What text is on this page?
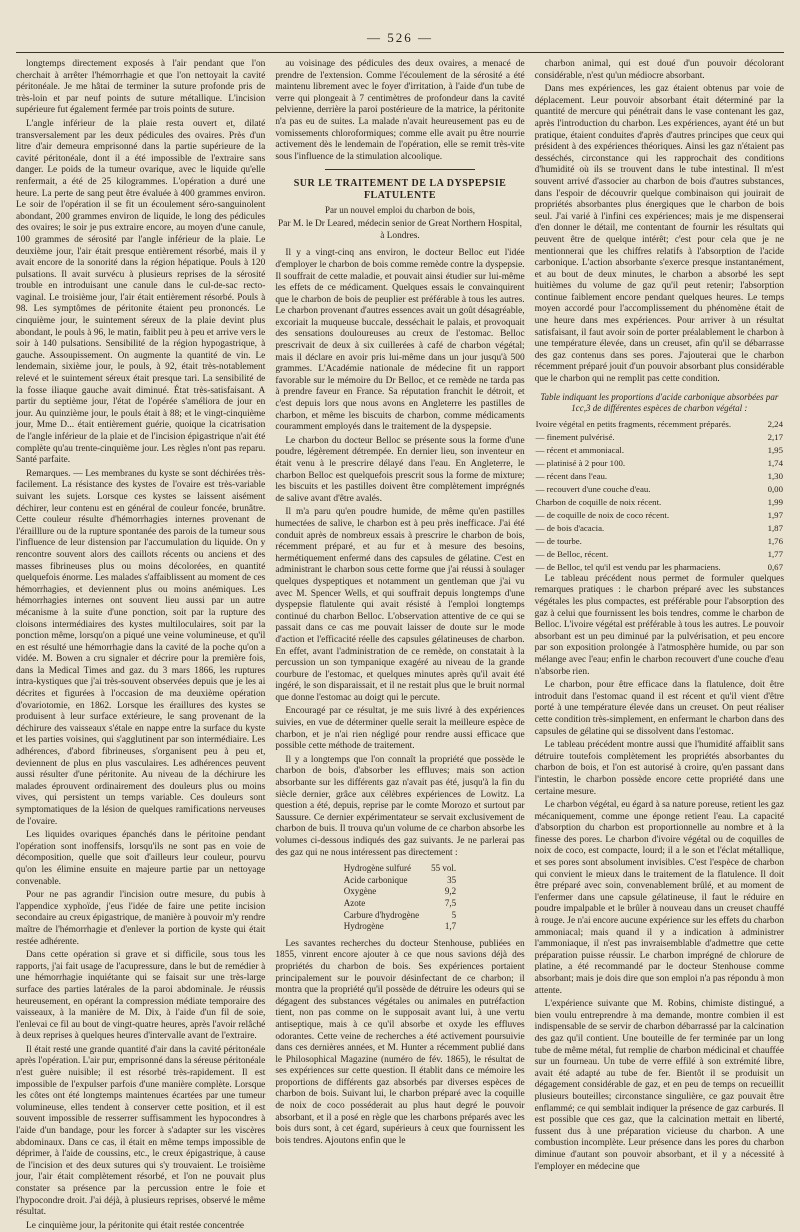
— 526 —

longtemps directement exposés à l'air pendant que l'on cherchait à arrêter l'hémorrhagie et que l'on nettoyait la cavité péritonéale. Je me hâtai de terminer la suture profonde pris de très-loin et par neuf points de suture métallique. L'incision supérieure fut également fermée par trois points de suture.

L'angle inférieur de la plaie resta ouvert et, dilaté transversalement par les deux pédicules des ovaires. Près d'un litre d'air demeura emprisonné dans la partie supérieure de la cavité péritonéale, dont il a été impossible de l'extraire sans danger. Le poids de la tumeur ovarique, avec le liquide qu'elle renfermait, a été de 25 kilogrammes. L'opération a duré une heure. La perte de sang peut être évaluée à 400 grammes environ. Le soir de l'opération il se fit un écoulement séro-sanguinolent abondant, 200 grammes environ de liquide, le long des pédicules des ovaires; le soir je pus extraire encore, au moyen d'une canule, 100 grammes de sérosité par l'angle inférieur de la plaie. Le deuxième jour, l'air était presque entièrement résorbé, mais il y avait encore de la sonorité dans la région hépatique. Pouls à 120 pulsations. Il avait survécu à plusieurs reprises de la sérosité trouble en introduisant une canule dans le cul-de-sac recto-vaginal. Le troisième jour, l'air était entièrement résorbé. Pouls à 98. Les symptômes de péritonite étaient peu prononcés. Le cinquième jour, le suintement séreux de la plaie devint plus abondant, le pouls à 96, le matin, faiblit peu à peu et arrive vers le soir à 140 pulsations. Sensibilité de la région hypogastrique, à gauche. Assoupissement. On augmente la quantité de vin. Le lendemain, sixième jour, le pouls, à 92, était très-notablement relevé et le suintement séreux était presque tari. La sensibilité de la fosse iliaque gauche avait diminué. État très-satisfaisant. A partir du septième jour, l'état de l'opérée s'améliora de jour en jour. Au quinzième jour, le pouls était à 88; et le vingt-cinquième jour, Mme D... était entièrement guérie, quoique la cicatrisation de l'angle inférieur de la plaie et de l'incision épigastrique n'ait été complète qu'au trente-cinquième jour. Les règles n'ont pas reparu. Santé parfaite.

Remarques. — Les membranes du kyste se sont déchirées très-facilement. La résistance des kystes de l'ovaire est très-variable suivant les sujets. Lorsque ces kystes se laissent aisément déchirer, leur contenu est en général de couleur foncée, brunâtre. Cette couleur résulte d'hémorrhagies internes provenant de l'érailllure ou de la rupture spontanée des parois de la tumeur sous l'influence de leur distension par l'accumulation du liquide. On y rencontre souvent alors des caillots récents ou anciens et des masses fibrineuses plus ou moins décolorées, en quantité quelquefois énorme. Les malades s'affaiblissent au moment de ces hémorrhagies, et deviennent plus ou moins anémiques. Les hémorrhagies internes ont souvent lieu aussi par un autre mécanisme à la suite d'une ponction, soit par la rupture des cloisons intermédiaires des kystes multiloculaires, soit par la ponction même, lorsqu'on a piqué une veine volumineuse, et qu'il en est résulté une hémorrhagie dans la cavité de la poche qu'on a vidée. M. Bowen a cru signaler et décrire pour la première fois, dans la Medical Times and gaz. du 3 mars 1866, les ruptures intra-kystiques que j'ai très-souvent observées depuis que je les ai décrites et figurées à l'occasion de ma deuxième opération d'ovariotomie, en 1862. Lorsque les éraillures des kystes se produisent à leur surface extérieure, le sang provenant de la déchirure des vaisseaux s'étale en nappe entre la surface du kyste et les parties voisines, qui s'agglutinent par son intermédiaire. Les adhérences, d'abord fibrineuses, s'organisent peu à peu et, deviennent de plus en plus vasculaires. Les adhérences peuvent aussi résulter d'une péritonite. Au niveau de la déchirure les malades éprouvent ordinairement des douleurs plus ou moins vives, qui persistent un temps variable. Ces douleurs sont symptomatiques de la lésion de quelques ramifications nerveuses de l'ovaire.

Les liquides ovariques épanchés dans le péritoine pendant l'opération sont inoffensifs, lorsqu'ils ne sont pas en voie de décomposition, quelle que soit d'ailleurs leur couleur, pourvu qu'on les élimine ensuite en majeure partie par un nettoyage convenable.

Pour ne pas agrandir l'incision outre mesure, du pubis à l'appendice xyphoïde, j'eus l'idée de faire une petite incision secondaire au creux épigastrique, de manière à pouvoir m'y rendre maître de l'hémorrhagie et d'enlever la portion de kyste qui était restée adhérente.

Dans cette opération si grave et si difficile, sous tous les rapports, j'ai fait usage de l'acupressure, dans le but de remédier à une hémorrhagie inquiétante qui se faisait sur une très-large surface des parties latérales de la paroi abdominale. Je réussis heureusement, en opérant la compression médiate temporaire des vaisseaux, à la manière de M. Dix, à l'aide d'un fil de soie, l'enlevai ce fil au bout de vingt-quatre heures, après l'avoir relâché à deux reprises à quelques heures d'intervalle avant de l'extraire.

Il était resté une grande quantité d'air dans la cavité péritonéale après l'opération. L'air pur, emprisonné dans la séreuse péritonéale n'est guère nuisible; il est résorbé très-rapidement. Il est impossible de l'expulser parfois d'une manière complète. Lorsque les côtes ont été longtemps maintenues écartées par une tumeur volumineuse, elles tendent à conserver cette position, et il est souvent impossible de resserrer suffisamment les hypocondres à l'aide d'un bandage, pour les forcer à s'adapter sur les viscères abdominaux. Dans ce cas, il était en même temps impossible de déprimer, à l'aide de coussins, etc., le creux épigastrique, à cause de l'incision et des deux sutures qui s'y trouvaient. Le troisième jour, l'air était complètement résorbé, et l'on ne pouvait plus constater sa présence par la percussion entre le foie et l'hypocondre droit. J'ai déjà, à plusieurs reprises, observé le même résultat.

Le cinquième jour, la péritonite qui était restée concentrée

au voisinage des pédicules des deux ovaires, a menacé de prendre de l'extension. Comme l'écoulement de la sérosité a été maintenu librement avec le foyer d'irritation, à l'aide d'un tube de verre qui plongeait à 7 centimètres de profondeur dans la cavité pelvienne, derrière la paroi postérieure de la matrice, la péritonite n'a pas eu de suites. La malade n'avait heureusement pas eu de vomissements chloroformiques; comme elle avait pu être nourrie activement dès le lendemain de l'opération, elle se remit très-vite sous l'influence de la stimulation alcoolique.

SUR LE TRAITEMENT DE LA DYSPEPSIE FLATULENTE

Par un nouvel emploi du charbon de bois,

Par M. le Dr Leared, médecin senior de Great Northern Hospital, à Londres.

Il y a vingt-cinq ans environ, le docteur Belloc eut l'idée d'employer le charbon de bois comme remède contre la dyspepsie. Il souffrait de cette maladie, et pouvait ainsi étudier sur lui-même les effets de ce médicament. Quelques essais le convainquirent que le charbon de bois de peuplier est préférable à tous les autres. Le charbon provenant d'autres essences avait un goût désagréable, excoriait la muqueuse buccale, desséchait le palais, et provoquait des sensations douloureuses au creux de l'estomac. Belloc prescrivait de deux à six cuillerées à café de charbon végétal; mais il déclare en avoir pris lui-même dans un jour jusqu'à 500 grammes. L'Académie nationale de médecine fit un rapport favorable sur le mémoire du Dr Belloc, et ce remède ne tarda pas à prendre faveur en France. Sa réputation franchit le détroit, et c'est depuis lors que nous avons en Angleterre les pastilles de charbon, et même les biscuits de charbon, comme médicaments couramment employés dans le traitement de la dyspepsie.

Le charbon du docteur Belloc se présente sous la forme d'une poudre, légèrement détrempée. En dernier lieu, son inventeur en était venu à le prescrire délayé dans l'eau. En Angleterre, le charbon Belloc est quelquefois prescrit sous la forme de mixture; les biscuits et les pastilles doivent être complètement imprégnés de salive avant d'être avalés.

Il m'a paru qu'en poudre humide, de même qu'en pastilles humectées de salive, le charbon est à peu près inefficace. J'ai été conduit après de nombreux essais à prescrire le charbon de bois, récemment préparé, et au fur et à mesure des besoins, hermétiquement enfermé dans des capsules de gélatine. C'est en administrant le charbon sous cette forme que j'ai réussi à soulager quelques dyspeptiques et notamment un gentleman que j'ai vu avec M. Spencer Wells, et qui souffrait depuis longtemps d'une dyspepsie flatulente qui avait résisté à l'emploi longtemps continué du charbon Belloc. L'observation attentive de ce qui se passait dans ce cas me pouvait laisser de doute sur le mode d'action et l'efficacité réelle des capsules gélatineuses de charbon. En effet, avant l'administration de ce remède, on constatait à la percussion un son tympanique exagéré au niveau de la grande courbure de l'estomac, et quelques minutes après qu'il avait été ingéré, le son disparaissait, et il ne restait plus que le bruit normal que donne l'estomac au doigt qui le percute.

Encouragé par ce résultat, je me suis livré à des expériences suivies, en vue de déterminer quelle serait la meilleure espèce de charbon, et je n'ai rien négligé pour rendre aussi efficace que possible cette méthode de traitement.

Il y a longtemps que l'on connaît la propriété que possède le charbon de bois, d'absorber les effluves; mais son action absorbante sur les différents gaz n'avait pas été, jusqu'à la fin du siècle dernier, grâce aux célèbres expériences de Lowitz. La question a été, depuis, reprise par le comte Morozo et surtout par Saussure. Ce dernier expérimentateur se servait exclusivement de charbon de buis. Il trouva qu'un volume de ce charbon absorbe les volumes ci-dessous indiqués des gaz suivants. Je ne parlerai pas des gaz qui ne nous intéressent pas directement :

Hydrogène sulfuré	55 vol.
Acide carbonique	35
Oxygène	9,2
Azote	7,5
Carbure d'hydrogène	5
Hydrogène	1,7

Les savantes recherches du docteur Stenhouse, publiées en 1855, vinrent encore ajouter à ce que nous savions déjà des propriétés du charbon de bois. Ses expériences portaient principalement sur le pouvoir désinfectant de ce charbon; il montra que la propriété qu'il possède de détruire les odeurs qui se dégagent des substances végétales ou animales en putréfaction tient, non pas comme on le supposait avant lui, à une vertu antiseptique, mais à ce qu'il absorbe et oxyde les effluves odorantes. Cette veine de recherches a été activement poursuivie dans ces dernières années, et M. Hunter a récemment publié dans le Philosophical Magazine (numéro de fév. 1865), le résultat de ses expériences sur cette question. Il établit dans ce mémoire les proportions de différents gaz absorbés par diverses espèces de charbon de bois. Suivant lui, le charbon préparé avec la coquille de noix de coco posséderait au plus haut degré le pouvoir absorbant, et il a posé en règle que les charbons préparés avec les bois durs sont, à cet égard, supérieurs à ceux que fournissent les bois tendres. Ajoutons enfin que le

charbon animal, qui est doué d'un pouvoir décolorant considérable, n'est qu'un médiocre absorbant.

Dans mes expériences, les gaz étaient obtenus par voie de déplacement. Leur pouvoir absorbant était déterminé par la quantité de mercure qui pénétrait dans le vase contenant les gaz, après l'introduction du charbon. Les expériences, ayant été un but pratique, étaient conduites d'après d'autres principes que ceux qui président à des expériences théoriques. Ainsi les gaz n'étaient pas desséchés, circonstance qui les rapprochait des conditions d'humidité où ils se trouvent dans le tube intestinal. Il m'est souvent arrivé d'associer au charbon de bois d'autres substances, dans l'espoir de découvrir quelque combinaison qui jouirait de propriétés absorbantes plus énergiques que le charbon de bois seul. J'ai varié à l'infini ces expériences; mais je me dispenserai d'en donner le détail, me contentant de fournir les résultats qui peuvent être de quelque intérêt; c'est pour cela que je ne mentionnerai que les chiffres relatifs à l'absorption de l'acide carbonique. L'action absorbante s'exerce presque instantanément, et au bout de deux minutes, le charbon a absorbé les sept huitièmes du volume de gaz qu'il peut retenir; l'absorption continue faiblement encore pendant quelques heures. Le temps moyen accordé pour l'accomplissement du phénomène était de une heure dans mes expériences. Pour arriver à un résultat satisfaisant, il faut avoir soin de porter préalablement le charbon à une température élevée, dans un creuset, afin qu'il se débarrasse des gaz contenus dans ses pores. J'ajouterai que le charbon récemment préparé jouit d'un pouvoir absorbant plus considérable que le charbon qui ne remplit pas cette condition.

Table indiquant les proportions d'acide carbonique absorbées par 1cc,3 de différentes espèces de charbon végétal :

Ivoire végétal en petits fragments, récemment préparés.	2,24
— finement pulvérisé.	2,17
— récent et ammoniacal.	1,95
— platinisé à 2 pour 100.	1,74
— récent dans l'eau.	1,30
— recouvert d'une couche d'eau.	0,00
Charbon de coquille de noix récent.	1,99
— de coquille de noix de coco récent.	1,97
— de bois d'acacia.	1,87
— de tourbe.	1,76
— de Belloc, récent.	1,77
— de Belloc, tel qu'il est vendu par les pharmaciens.	0,67

Le tableau précédent nous permet de formuler quelques remarques pratiques : le charbon préparé avec les substances végétales les plus compactes, est préférable pour l'absorption des gaz à celui que fournissent les bois tendres, comme le charbon de Belloc. L'ivoire végétal est préférable à tous les autres. Le pouvoir absorbant est un peu diminué par la pulvérisation, et peu encore par son exposition prolongée à l'atmosphère humide, ou par son mélange avec l'eau; enfin le charbon recouvert d'une couche d'eau n'absorbe rien.

Le charbon, pour être efficace dans la flatulence, doit être introduit dans l'estomac quand il est récent et qu'il vient d'être porté à une température élevée dans un creuset. On peut réaliser cette condition très-simplement, en enfermant le charbon dans des capsules de gélatine qui se dissolvent dans l'estomac.

Le tableau précédent montre aussi que l'humidité affaiblit sans détruire toutefois complètement les propriétés absorbantes du charbon de bois, et l'on est autorisé à croire, qu'en passant dans l'intestin, le charbon possède encore cette propriété dans une certaine mesure.

Le charbon végétal, eu égard à sa nature poreuse, retient les gaz mécaniquement, comme une éponge retient l'eau. La capacité d'absorption du charbon est proportionnelle au nombre et à la finesse des pores. Le charbon d'ivoire végétal ou de coquilles de noix de coco, est compacte, lourd; il a le son et l'éclat métallique, et ses pores sont absolument invisibles. C'est l'espèce de charbon qui convient le mieux dans le traitement de la flatulence. Il doit être préparé avec soin, convenablement brûlé, et au moment de l'enfermer dans une capsule gélatineuse, il faut le réduire en poudre impalpable et le brûler à nouveau dans un creuset chauffé à rouge. Je n'ai encore aucune expérience sur les effets du charbon ammoniacal; mais quand il y a indication à administrer l'ammoniaque, il n'est pas invraisemblable d'admettre que cette préparation puisse réussir. Le charbon imprégné de chlorure de platine, a été recommandé par le docteur Stenhouse comme absorbant; mais je dois dire que son emploi n'a pas répondu à mon attente.

L'expérience suivante que M. Robins, chimiste distingué, a bien voulu entreprendre à ma demande, montre combien il est indispensable de se servir de charbon débarrassé par la calcination des gaz qu'il contient. Une bouteille de fer terminée par un long tube de même métal, fut remplie de charbon médicinal et chauffée sur un fourneau. Un tube de verre effilé à son extrémité libre, avait été adapté au tube de fer. Bientôt il se produisit un dégagement considérable de gaz, et en peu de temps on recueillit plusieurs bouteilles; circonstance singulière, ce gaz pouvait être enflammé; ce qui semblait indiquer la présence de gaz carburés. Il est possible que ces gaz, que la calcination mettait en liberté, fussent dus à une préparation vicieuse du charbon. A une combustion incomplète. Leur présence dans les pores du charbon diminue d'autant son pouvoir absorbant, et il y a nécessité à l'employer en médecine que
